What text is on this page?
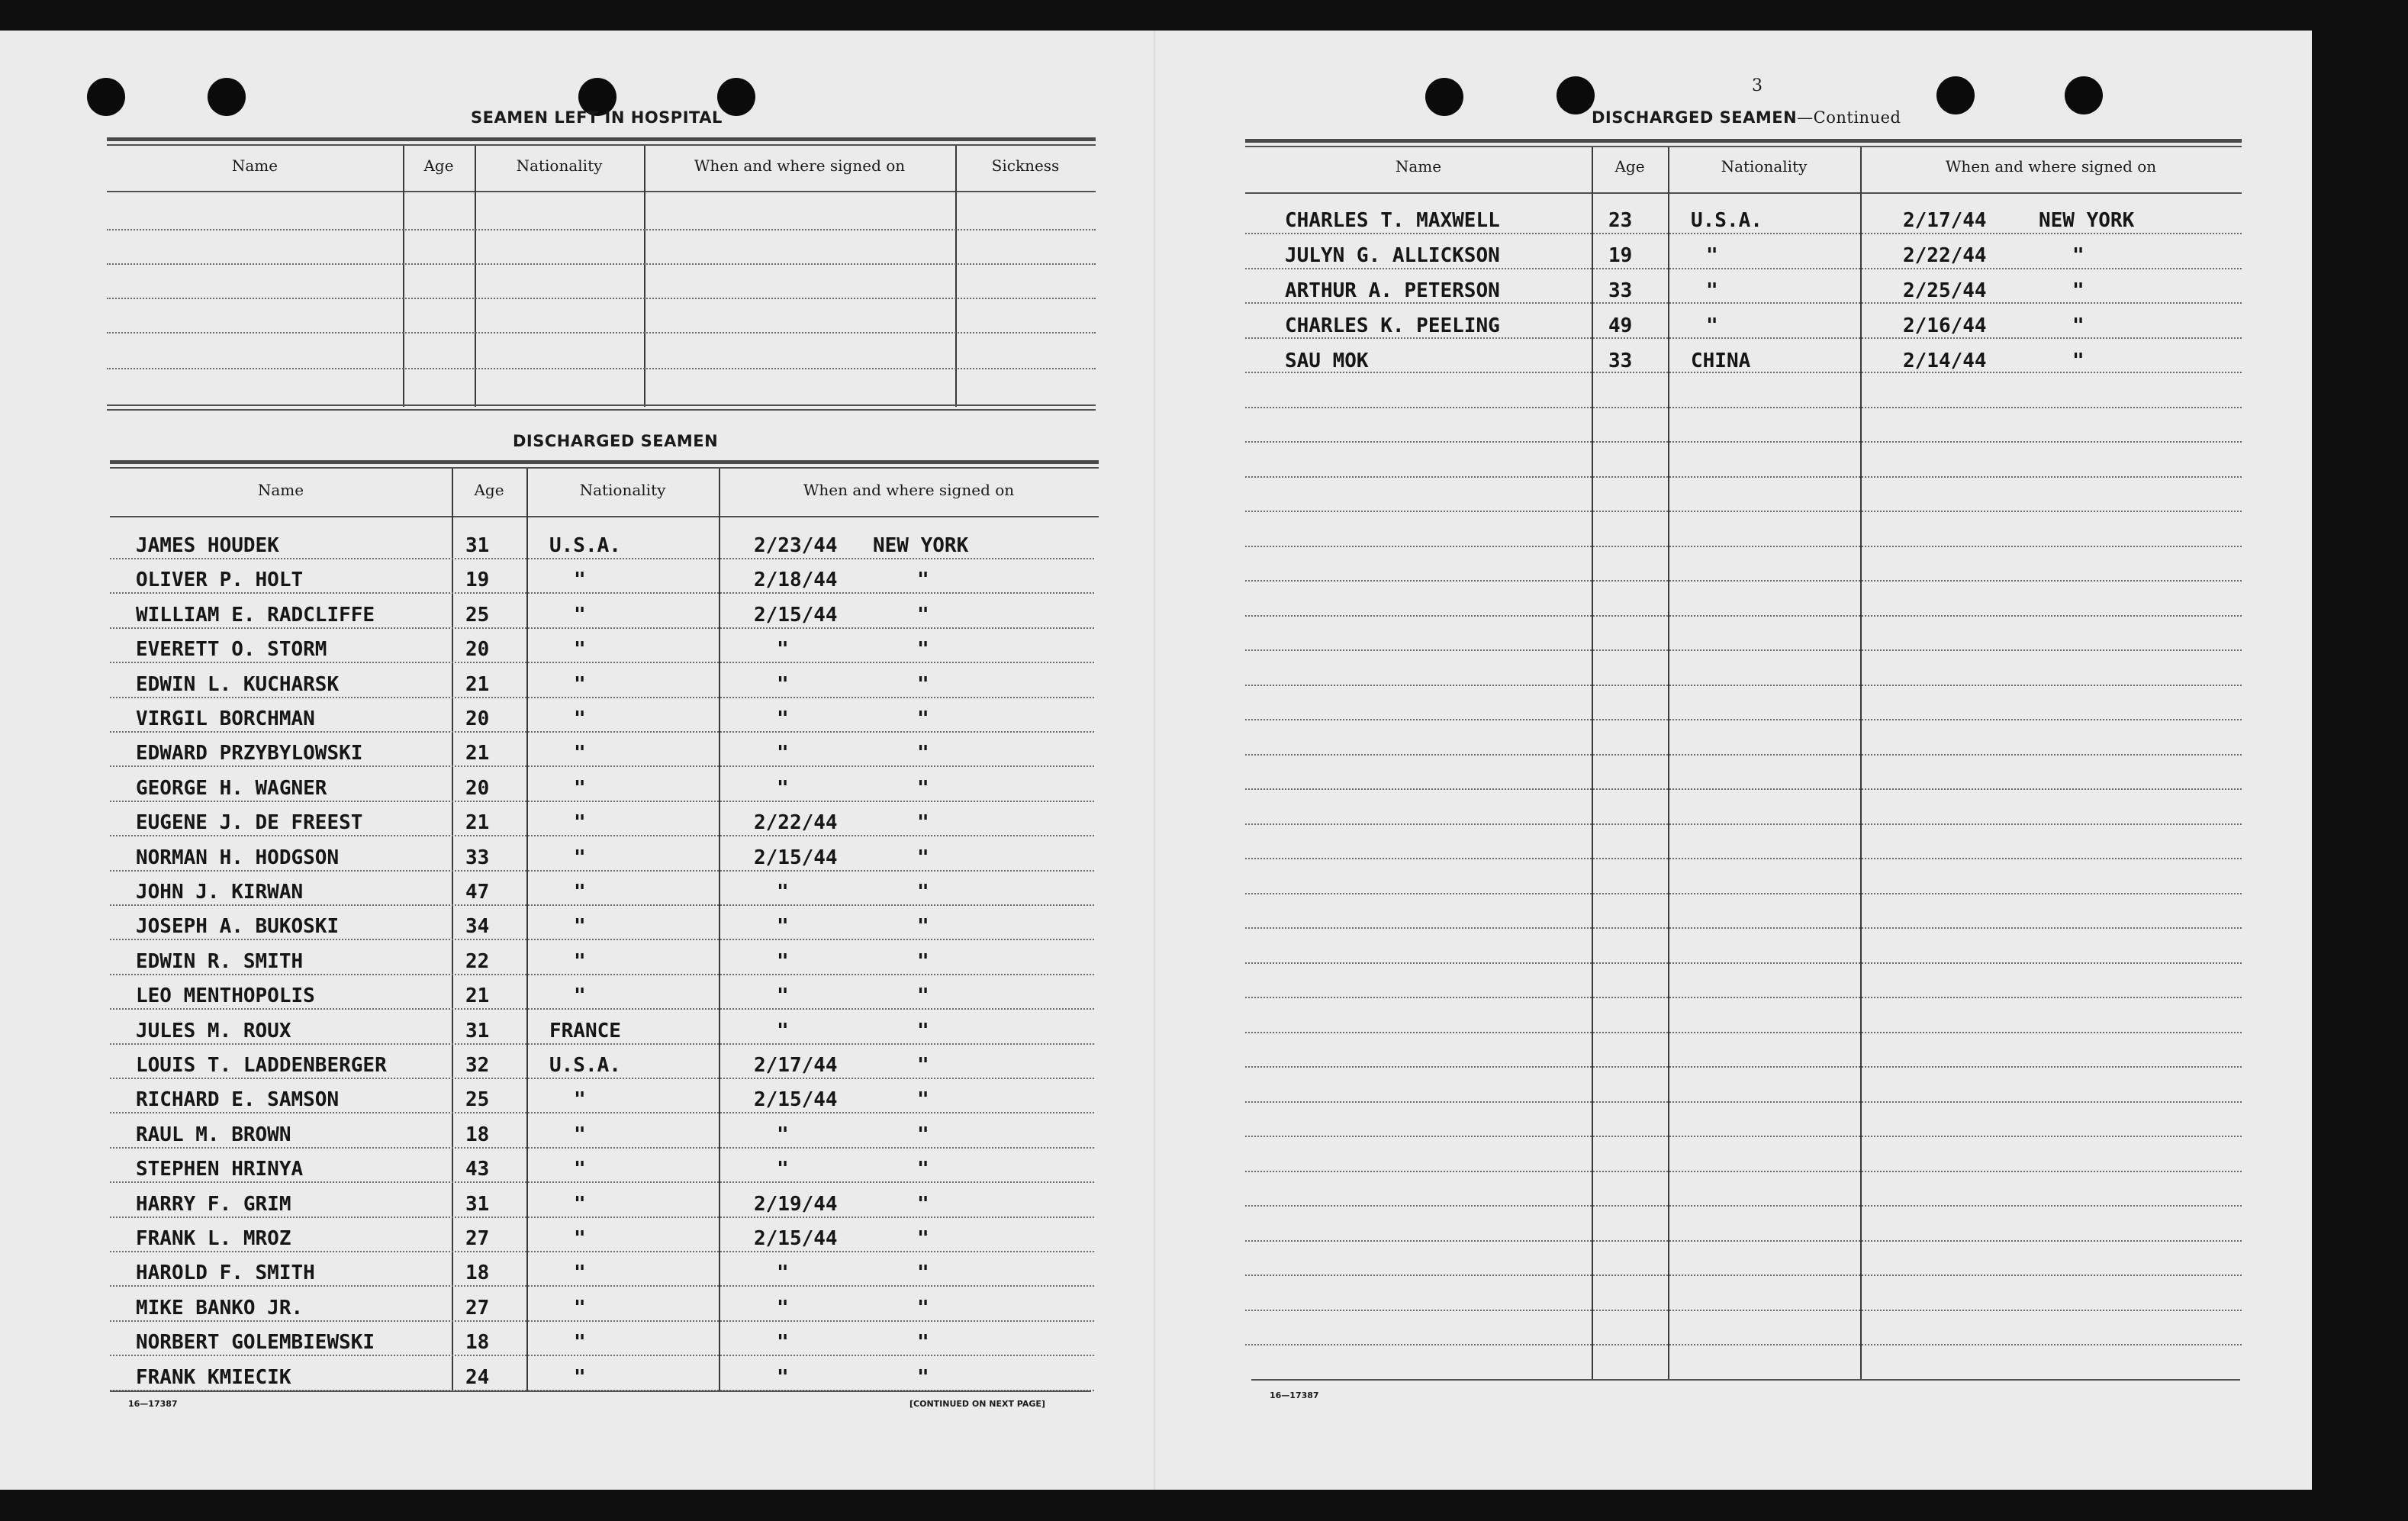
SEAMEN LEFT IN HOSPITAL
Name	Age	Nationality	When and where signed on	Sickness
DISCHARGED SEAMEN
Name	Age	Nationality	When and where signed on
JAMES HOUDEK	31	U.S.A.	2/23/44 NEW YORK
OLIVER P. HOLT	19	"	2/18/44	"
WILLIAM E. RADCLIFFE	25	"	2/15/44	"
EVERETT O. STORM	20	"	"	"
EDWIN L. KUCHARSK	21	"	"	"
VIRGIL BORCHMAN	20	"	"	"
EDWARD PRZYBYLOWSKI	21	"	"	"
GEORGE H. WAGNER	20	"	"	"
EUGENE J. DE FREEST	21	"	2/22/44	"
NORMAN H. HODGSON	33	"	2/15/44	"
JOHN J. KIRWAN	47	"	"	"
JOSEPH A. BUKOSKI	34	"	"	"
EDWIN R. SMITH	22	"	"	"
LEO MENTHOPOLIS	21	"	"	"
JULES M. ROUX	31	FRANCE	"	"
LOUIS T. LADDENBERGER	32	U.S.A.	2/17/44	"
RICHARD E. SAMSON	25	"	2/15/44	"
RAUL M. BROWN	18	"	"	"
STEPHEN HRINYA	43	"	"	"
HARRY F. GRIM	31	"	2/19/44	"
FRANK L. MROZ	27	"	2/15/44	"
HAROLD F. SMITH	18	"	"	"
MIKE BANKO JR.	27	"	"	"
NORBERT GOLEMBIEWSKI	18	"	"	"
FRANK KMIECIK	24	"	"	"
16—17387	[CONTINUED ON NEXT PAGE]
3
DISCHARGED SEAMEN—Continued
Name	Age	Nationality	When and where signed on
CHARLES T. MAXWELL	23	U.S.A.	2/17/44	NEW YORK
JULYN G. ALLICKSON	19	"	2/22/44	"
ARTHUR A. PETERSON	33	"	2/25/44	"
CHARLES K. PEELING	49	"	2/16/44	"
SAU MOK	33	CHINA	2/14/44	"
16—17387
